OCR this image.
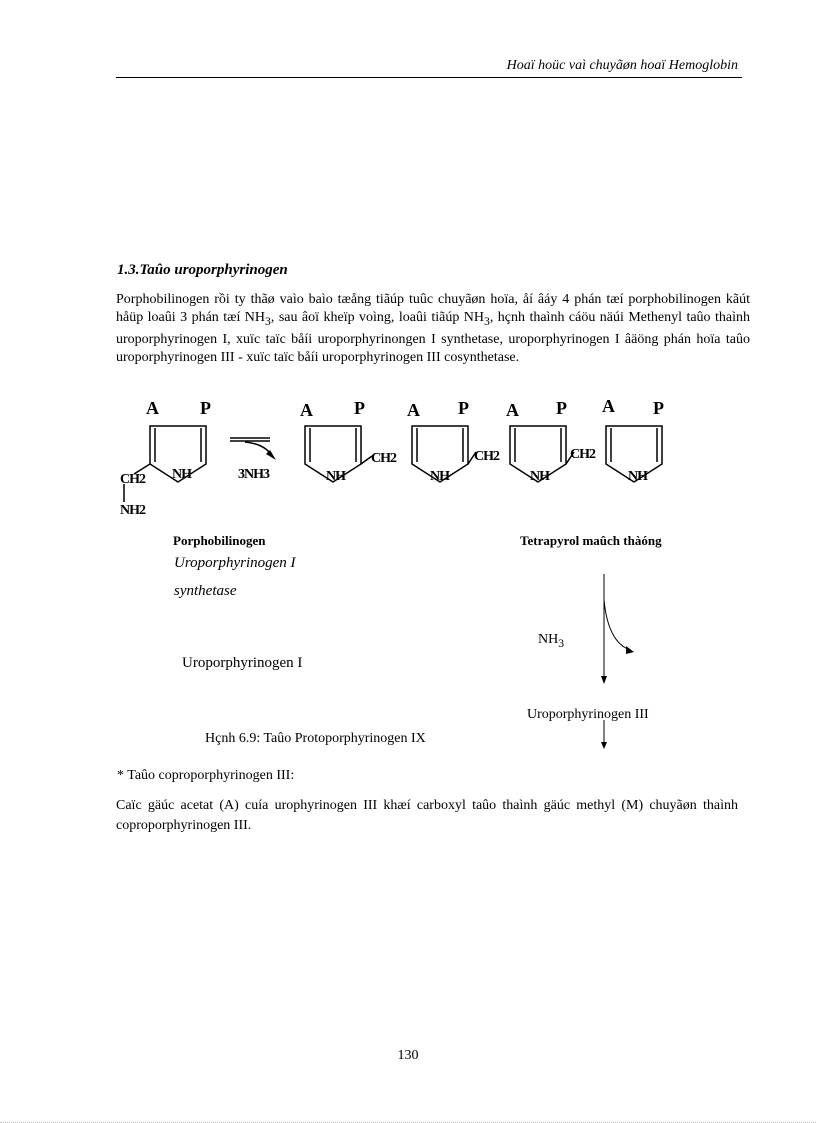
Hoaï hoüc vaì chuyãøn hoaï Hemoglobin
1.3.Taûo uroporphyrinogen
Porphobilinogen rồi ty thãø vaìo baìo tæång tiãúp tuûc chuyãøn hoïa, åí âáy 4 phán tæí porphobilinogen kãút håüp loaûi 3 phán tæí $NH_3$, sau âoï kheïp voìng, loaûi tiãúp $NH_3$, hçnh thaình cáöu näúi Methenyl taûo thaình uroporphyrinogen I, xuïc taïc båíi uroporphyrinongen I synthetase, uroporphyrinogen I âäöng phán hoïa taûo uroporphyrinogen III - xuïc taïc båíi uroporphyrinogen III cosynthetase.
A P	A P A P A P A P
NH	NH	NH	NH	NH
CH2
NH2
3NH3
CH2	CH2	CH2
Porphobilinogen	Tetrapyrol maûch thàóng
Uroporphyrinogen I
synthetase
$NH_3$
Uroporphyrinogen I
Uroporphyrinogen III
Hçnh 6.9: Taûo Protoporphyrinogen IX
* Taûo coproporphyrinogen III:
Caïc gäúc acetat (A) cuía urophyrinogen III khæí carboxyl taûo thaình gäúc methyl (M) chuyãøn thaình coproporphyrinogen III.
130
